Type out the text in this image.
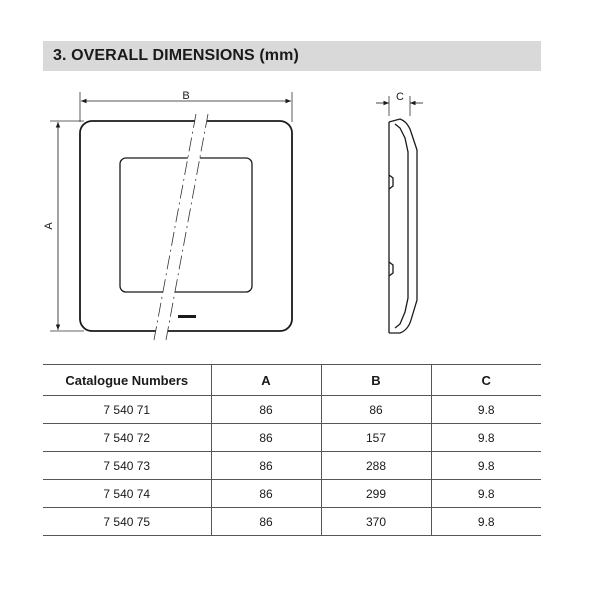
3. OVERALL DIMENSIONS (mm)
B
A
C
Catalogue Numbers	A	B	C
7 540 71	86	86	9.8
7 540 72	86	157	9.8
7 540 73	86	288	9.8
7 540 74	86	299	9.8
7 540 75	86	370	9.8
